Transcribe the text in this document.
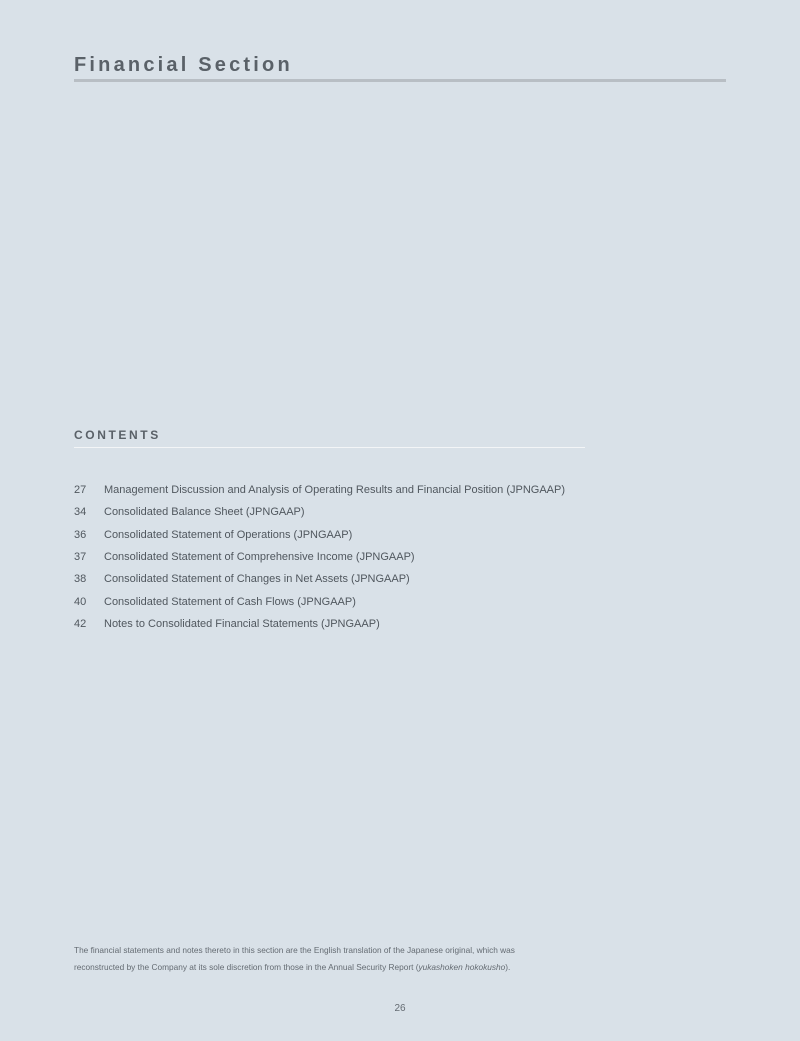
Financial Section
CONTENTS
27	Management Discussion and Analysis of Operating Results and Financial Position (JPNGAAP)
34	Consolidated Balance Sheet (JPNGAAP)
36	Consolidated Statement of Operations (JPNGAAP)
37	Consolidated Statement of Comprehensive Income (JPNGAAP)
38	Consolidated Statement of Changes in Net Assets (JPNGAAP)
40	Consolidated Statement of Cash Flows (JPNGAAP)
42	Notes to Consolidated Financial Statements (JPNGAAP)

The financial statements and notes thereto in this section are the English translation of the Japanese original, which was
reconstructed by the Company at its sole discretion from those in the Annual Security Report (yukashoken hokokusho).

26
